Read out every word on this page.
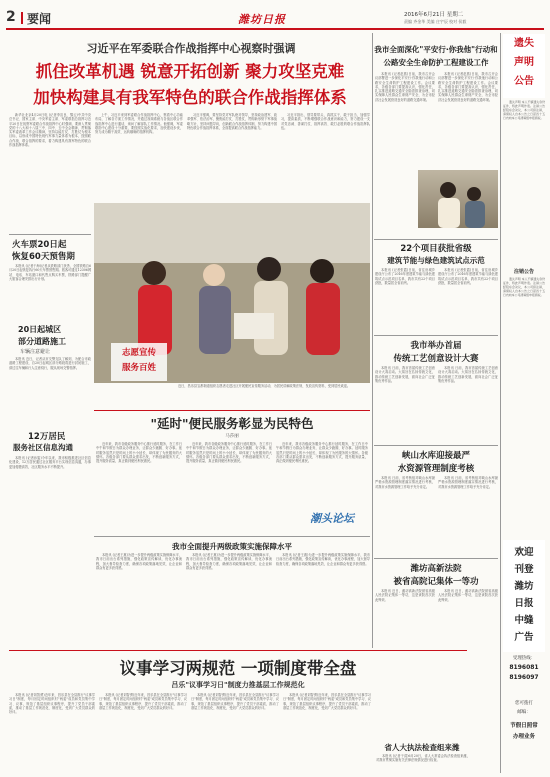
2 要闻	潍坊日报	2016年6月21日 星期二
责编 齐金华 美编 庄宇辰 校对 侯毅
习近平在军委联合作战指挥中心视察时强调
抓住改革机遇 锐意开拓创新 聚力攻坚克难
加快构建具有我军特色的联合作战指挥体系

新华社北京4月20日电 (记者李宣良、黎云)中共中央总书记、国家主席、中央军委主席、军委联指总指挥习近平20日在视察军委联合作战指挥中心时强调，要深入贯彻党的十八大和十八届三中、四中、五中全会精神，贯彻落实军委改革工作会议精神，坚持以能打仗、打胜仗为根本目标，以形成中国特色现代军事力量体系为根本，按照联合作战、联合指挥的要求，着力构建具有我军特色的联合作战指挥体系。

上午，习近平来到军委联合作战指挥中心，察看中心功能布局，了解各方面工作情况，并通过视频系统与各战区联合作战指挥中心进行通话，询问了解部队工作情况。他强调，军委联指中心建设十分重要，要按照实战化要求，加快建设步伐，努力成为精干高效、运转顺畅的指挥机构。

习近平强调，要坚持党对军队绝对领导，坚持政治建军、改革强军、依法治军，聚焦能打仗、打胜仗，贯彻新形势下军事战略方针，坚持问题导向，创新联合作战指挥体制，努力构建中国特色联合作战指挥体系，全面提高联合作战指挥能力。

习近平指出，领导要带头，真抓实干，敢于担当，加强学习，提高素质，不断增强联合作战意识和能力，努力建设一支对党忠诚、善谋打仗、指挥高效、敢打必胜的联合作战指挥队伍。

火车票20日起
恢复60天预售期

本报讯 (记者于海)记者从铁路部门获悉，全国铁路自6月20日起恢复执行60天车票预售期。旅客可通过12306网站、电话、车站窗口和代售点购买车票，铁路部门提醒广大旅客合理安排出行计划。

20日起城区
部分道路施工
车辆注意避让

本报讯 近日，记者从市交警支队了解到，为配合市政道路工程建设，自20日起城区部分路段将进行封闭施工，请过往车辆和行人注意绕行，服从现场交警指挥。

12万居民
服务社区信息沟通

本报讯 (记者孙姿)今年以来，我市积极推进社区信息化建设，12万居民通过社区服务平台实现信息沟通，办事更加便捷高效，社区服务水平不断提升。

志愿宣传
服务百姓

近日，昌乐县宝都街道组织志愿者走进社区开展便民宣传服务活动，为居民讲解政策法规、发放宣传资料，受到居民欢迎。

"延时"便民服务彰显为民特色
马莎丽

近年来，我市各级政务服务中心推行延时服务，在工作日中午和节假日为群众办理业务，让群众少跑腿、好办事。延时服务虽然只是时间上的小小延长，却体现了为民服务的大情怀。各级各部门要从群众需求出发，不断创新服务方式，提升服务质量，真正做到便民利民惠民。

近年来，我市各级政务服务中心推行延时服务，在工作日中午和节假日为群众办理业务，让群众少跑腿、好办事。延时服务虽然只是时间上的小小延长，却体现了为民服务的大情怀。各级各部门要从群众需求出发，不断创新服务方式，提升服务质量，真正做到便民利民惠民。

近年来，我市各级政务服务中心推行延时服务，在工作日中午和节假日为群众办理业务，让群众少跑腿、好办事。延时服务虽然只是时间上的小小延长，却体现了为民服务的大情怀。各级各部门要从群众需求出发，不断创新服务方式，提升服务质量，真正做到便民利民惠民。

潮头论坛
我市全面提升两级政策实施保障水平

本报讯 (记者王惠)为进一步提升两级政策实施保障水平，我市日前出台系列措施，强化政策宣传解读，优化办事流程，加大督导检查力度，确保各项政策落地见效，让企业和群众有更多获得感。

本报讯 (记者王惠)为进一步提升两级政策实施保障水平，我市日前出台系列措施，强化政策宣传解读，优化办事流程，加大督导检查力度，确保各项政策落地见效，让企业和群众有更多获得感。

本报讯 (记者王惠)为进一步提升两级政策实施保障水平，我市日前出台系列措施，强化政策宣传解读，优化办事流程，加大督导检查力度，确保各项政策落地见效，让企业和群众有更多获得感。

议事学习两规范 一项制度带全盘
吕乐"议事学习日"制度力推基层工作规范化

本报讯 (记者刘智勇)近年来，昌乐县在全县推行"议事学习日"制度，每月固定时间组织村"两委"成员和党员集中学习、议事，规范了基层组织议事程序，提升了党员干部素质，推动了基层工作规范化、制度化，受到广大党员群众的好评。

本报讯 (记者刘智勇)近年来，昌乐县在全县推行"议事学习日"制度，每月固定时间组织村"两委"成员和党员集中学习、议事，规范了基层组织议事程序，提升了党员干部素质，推动了基层工作规范化、制度化，受到广大党员群众的好评。

本报讯 (记者刘智勇)近年来，昌乐县在全县推行"议事学习日"制度，每月固定时间组织村"两委"成员和党员集中学习、议事，规范了基层组织议事程序，提升了党员干部素质，推动了基层工作规范化、制度化，受到广大党员群众的好评。

本报讯 (记者刘智勇)近年来，昌乐县在全县推行"议事学习日"制度，每月固定时间组织村"两委"成员和党员集中学习、议事，规范了基层组织议事程序，提升了党员干部素质，推动了基层工作规范化、制度化，受到广大党员群众的好评。

我市全面深化"平安行·你我他"行动和
公路安全生命防护工程建设工作

本报讯 (记者赵燕)日前，我市召开会议部署进一步深化平安行·你我他行动和公路安全生命防护工程建设工作。会议要求，各级各部门要提高认识，强化责任，扎实推进道路交通安全隐患排查治理，切实保障人民群众生命财产安全，为全市经济社会发展营造良好的道路交通环境。

本报讯 (记者赵燕)日前，我市召开会议部署进一步深化平安行·你我他行动和公路安全生命防护工程建设工作。会议要求，各级各部门要提高认识，强化责任，扎实推进道路交通安全隐患排查治理，切实保障人民群众生命财产安全，为全市经济社会发展营造良好的道路交通环境。

22个项目获批省级
建筑节能与绿色建筑试点示范

本报讯 (记者张霞)日前，省住房城乡建设厅公布了2016年度建筑节能与绿色建筑试点示范项目名单，我市共有22个项目获批，数量居全省前列。

本报讯 (记者张霞)日前，省住房城乡建设厅公布了2016年度建筑节能与绿色建筑试点示范项目名单，我市共有22个项目获批，数量居全省前列。

我市举办首届
传统工艺创意设计大赛

本报讯 日前，我市首届传统工艺创意设计大赛启动。大赛旨在弘扬传统文化，推动传统工艺创新发展，面向社会广泛征集优秀作品。

本报讯 日前，我市首届传统工艺创意设计大赛启动。大赛旨在弘扬传统文化，推动传统工艺创新发展，面向社会广泛征集优秀作品。

峡山水库迎接最严
水资源管理制度考核

本报讯 日前，省考核组对峡山水库最严格水资源管理制度落实情况进行考核，对我市水资源管理工作给予充分肯定。

本报讯 日前，省考核组对峡山水库最严格水资源管理制度落实情况进行考核，对我市水资源管理工作给予充分肯定。

潍坊高新法院
被省高院记集体一等功

本报讯 近日，潍坊高新法院被省高级人民法院记集体一等功，这是该院首次获此殊荣。

本报讯 近日，潍坊高新法院被省高级人民法院记集体一等功，这是该院首次获此殊荣。

省人大执法检查组来潍

本报讯 (记者于清)6月20日，省人大常委会执法检查组来潍，对我市贯彻实施有关法律法规情况进行检查。

遗失
声明
公告

遗失声明 本人不慎遗失身份证件，特此声明作废。注销公告 经股东会决议，本公司拟注销，请债权人自本公告之日起四十五日内向本公司清算组申报债权。

注销公告

遗失声明 本人不慎遗失身份证件，特此声明作废。注销公告 经股东会决议，本公司拟注销，请债权人自本公告之日起四十五日内向本公司清算组申报债权。

欢迎
刊登
潍坊
日报
中缝
广告
受理热线：
8196081
8196097
您可拨打
邮编：
节假日照常
办理业务
